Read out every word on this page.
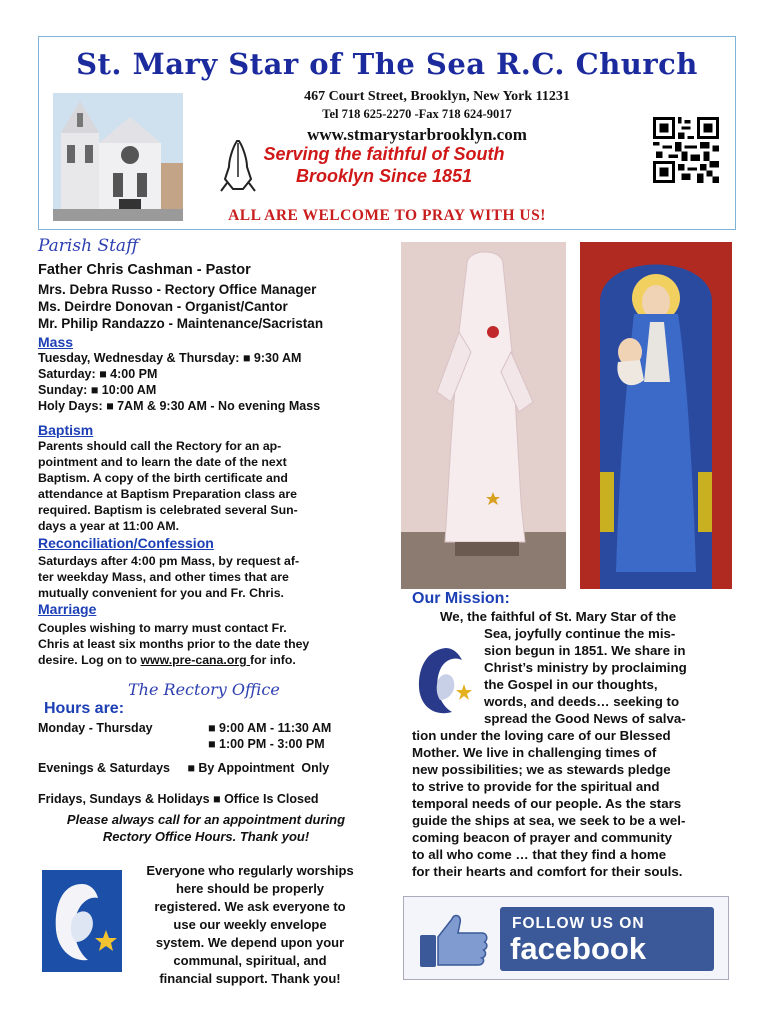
St. Mary Star of The Sea R.C. Church
467 Court Street, Brooklyn, New York 11231
Tel 718 625-2270 -Fax 718 624-9017
www.stmarystarbrooklyn.com
Serving the faithful of South
Brooklyn Since 1851
ALL ARE WELCOME TO PRAY WITH US!
Parish Staff
Father Chris Cashman - Pastor
Mrs. Debra Russo - Rectory Office Manager
Ms. Deirdre Donovan - Organist/Cantor
Mr. Philip Randazzo - Maintenance/Sacristan
Mass
Tuesday, Wednesday & Thursday: ■ 9:30 AM
Saturday: ■ 4:00 PM
Sunday: ■ 10:00 AM
Holy Days: ■ 7AM & 9:30 AM - No evening Mass
Baptism
Parents should call the Rectory for an ap-
pointment and to learn the date of the next
Baptism. A copy of the birth certificate and
attendance at Baptism Preparation class are
required. Baptism is celebrated several Sun-
days a year at 11:00 AM.
Reconciliation/Confession
Saturdays after 4:00 pm Mass, by request af-
ter weekday Mass, and other times that are
mutually convenient for you and Fr. Chris.
Marriage
Couples wishing to marry must contact Fr.
Chris at least six months prior to the date they
desire. Log on to www.pre-cana.org for info.
The Rectory Office
Hours are:
Monday - Thursday	■ 9:00 AM - 11:30 AM
■ 1:00 PM - 3:00 PM
Evenings & Saturdays     ■ By Appointment  Only
Fridays, Sundays & Holidays ■ Office Is Closed
Please always call for an appointment during
Rectory Office Hours. Thank you!
Everyone who regularly worships
here should be properly
registered. We ask everyone to
use our weekly envelope
system. We depend upon your
communal, spiritual, and
financial support. Thank you!
Our Mission:
We, the faithful of St. Mary Star of the
Sea, joyfully continue the mis-
sion begun in 1851. We share in
Christ’s ministry by proclaiming
the Gospel in our thoughts,
words, and deeds… seeking to
spread the Good News of salva-
tion under the loving care of our Blessed
Mother. We live in challenging times of
new possibilities; we as stewards pledge
to strive to provide for the spiritual and
temporal needs of our people. As the stars
guide the ships at sea, we seek to be a wel-
coming beacon of prayer and community
to all who come … that they find a home
for their hearts and comfort for their souls.
FOLLOW US ON
facebook
